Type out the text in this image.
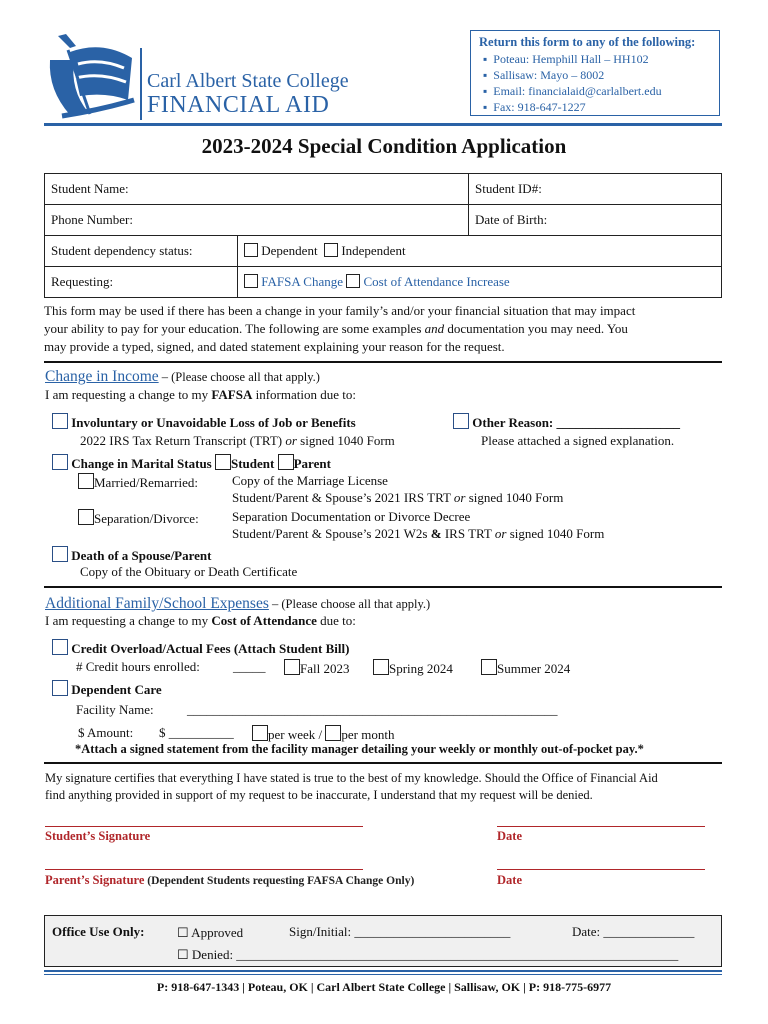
Carl Albert State College
FINANCIAL AID
Return this form to any of the following:
▪  Poteau: Hemphill Hall – HH102
▪  Sallisaw: Mayo – 8002
▪  Email: financialaid@carlalbert.edu
▪  Fax: 918-647-1227
2023-2024 Special Condition Application
Student Name:		Student ID#:
Phone Number:		Date of Birth:
Student dependency status:	Dependent Independent	
Requesting:	FAFSA Change Cost of Attendance Increase	
This form may be used if there has been a change in your family’s and/or your financial situation that may impact
your ability to pay for your education. The following are some examples and documentation you may need. You
may provide a typed, signed, and dated statement explaining your reason for the request.
Change in Income – (Please choose all that apply.)
I am requesting a change to my FAFSA information due to:
Involuntary or Unavoidable Loss of Job or Benefits
2022 IRS Tax Return Transcript (TRT) or signed 1040 Form
Other Reason: ___________________
Please attached a signed explanation.
Change in Marital Status Student Parent
Married/Remarried:	Copy of the Marriage License
Student/Parent & Spouse’s 2021 IRS TRT or signed 1040 Form
Separation/Divorce:	Separation Documentation or Divorce Decree
Student/Parent & Spouse’s 2021 W2s & IRS TRT or signed 1040 Form
Death of a Spouse/Parent
Copy of the Obituary or Death Certificate
Additional Family/School Expenses – (Please choose all that apply.)
I am requesting a change to my Cost of Attendance due to:
Credit Overload/Actual Fees (Attach Student Bill)
# Credit hours enrolled:	_____	Fall 2023	Spring 2024	Summer 2024
Dependent Care
Facility Name:	_________________________________________________________
$ Amount: $ __________	per week / per month
*Attach a signed statement from the facility manager detailing your weekly or monthly out-of-pocket pay.*
My signature certifies that everything I have stated is true to the best of my knowledge. Should the Office of Financial Aid
find anything provided in support of my request to be inaccurate, I understand that my request will be denied.
Student’s Signature	Date
Parent’s Signature (Dependent Students requesting FAFSA Change Only)	Date
Office Use Only:	☐ Approved	Sign/Initial: ________________________	Date: ______________
☐ Denied: ____________________________________________________________________
P: 918-647-1343 | Poteau, OK | Carl Albert State College | Sallisaw, OK | P: 918-775-6977
